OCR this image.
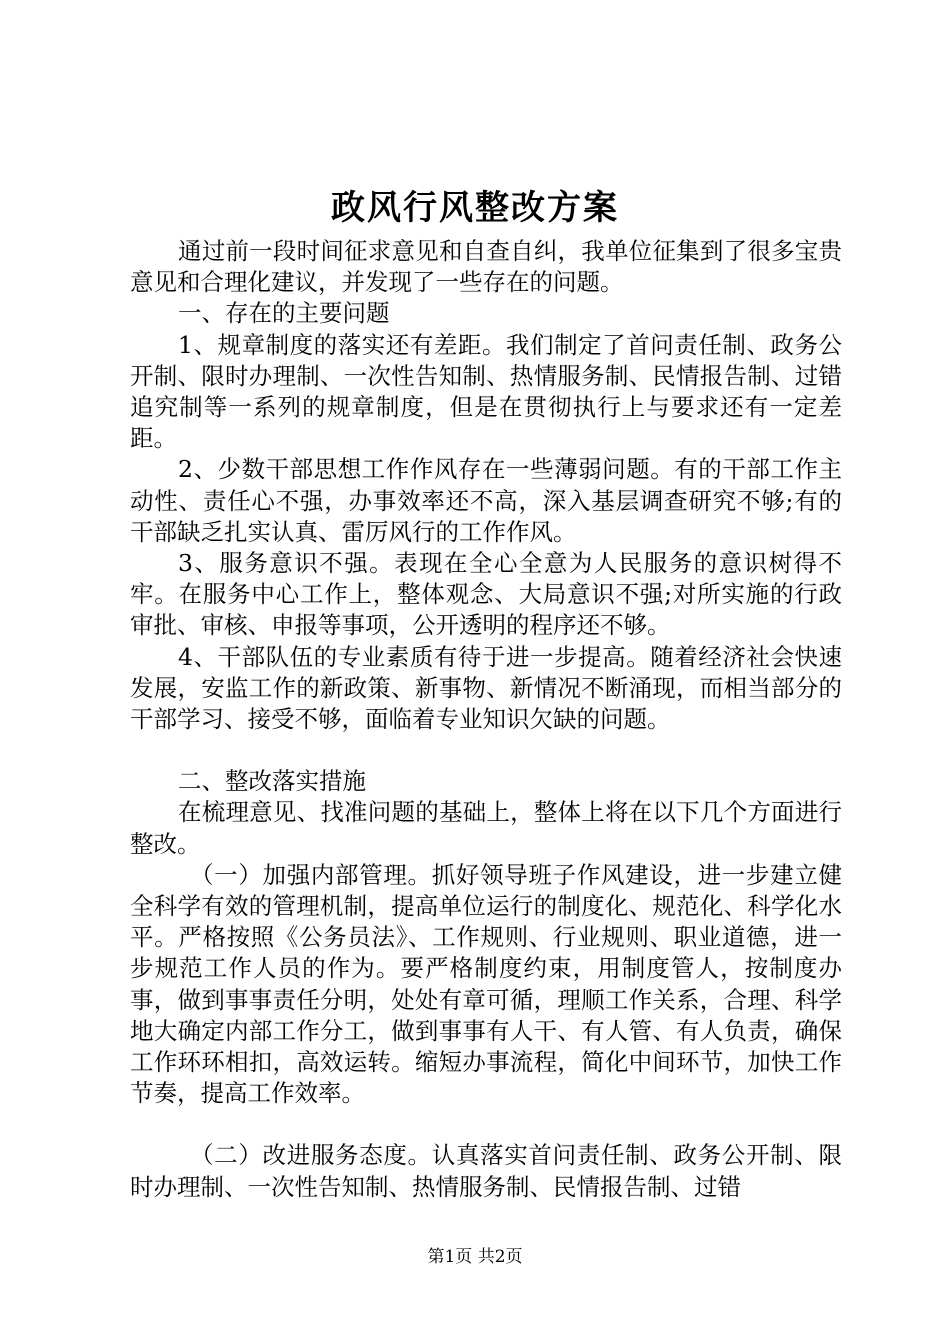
政风行风整改方案

通过前一段时间征求意见和自查自纠，我单位征集到了很多宝贵意见和合理化建议，并发现了一些存在的问题。

一、存在的主要问题

1、规章制度的落实还有差距。我们制定了首问责任制、政务公开制、限时办理制、一次性告知制、热情服务制、民情报告制、过错追究制等一系列的规章制度，但是在贯彻执行上与要求还有一定差距。

2、少数干部思想工作作风存在一些薄弱问题。有的干部工作主动性、责任心不强，办事效率还不高，深入基层调查研究不够;有的干部缺乏扎实认真、雷厉风行的工作作风。

3、服务意识不强。表现在全心全意为人民服务的意识树得不牢。在服务中心工作上，整体观念、大局意识不强;对所实施的行政审批、审核、申报等事项，公开透明的程序还不够。

4、干部队伍的专业素质有待于进一步提高。随着经济社会快速发展，安监工作的新政策、新事物、新情况不断涌现，而相当部分的干部学习、接受不够，面临着专业知识欠缺的问题。

二、整改落实措施

在梳理意见、找准问题的基础上，整体上将在以下几个方面进行整改。

（一）加强内部管理。抓好领导班子作风建设，进一步建立健全科学有效的管理机制，提高单位运行的制度化、规范化、科学化水平。严格按照《公务员法》、工作规则、行业规则、职业道德，进一步规范工作人员的作为。要严格制度约束，用制度管人，按制度办事，做到事事责任分明，处处有章可循，理顺工作关系，合理、科学地大确定内部工作分工，做到事事有人干、有人管、有人负责，确保工作环环相扣，高效运转。缩短办事流程，简化中间环节，加快工作节奏，提高工作效率。

（二）改进服务态度。认真落实首问责任制、政务公开制、限时办理制、一次性告知制、热情服务制、民情报告制、过错

第1页 共2页
